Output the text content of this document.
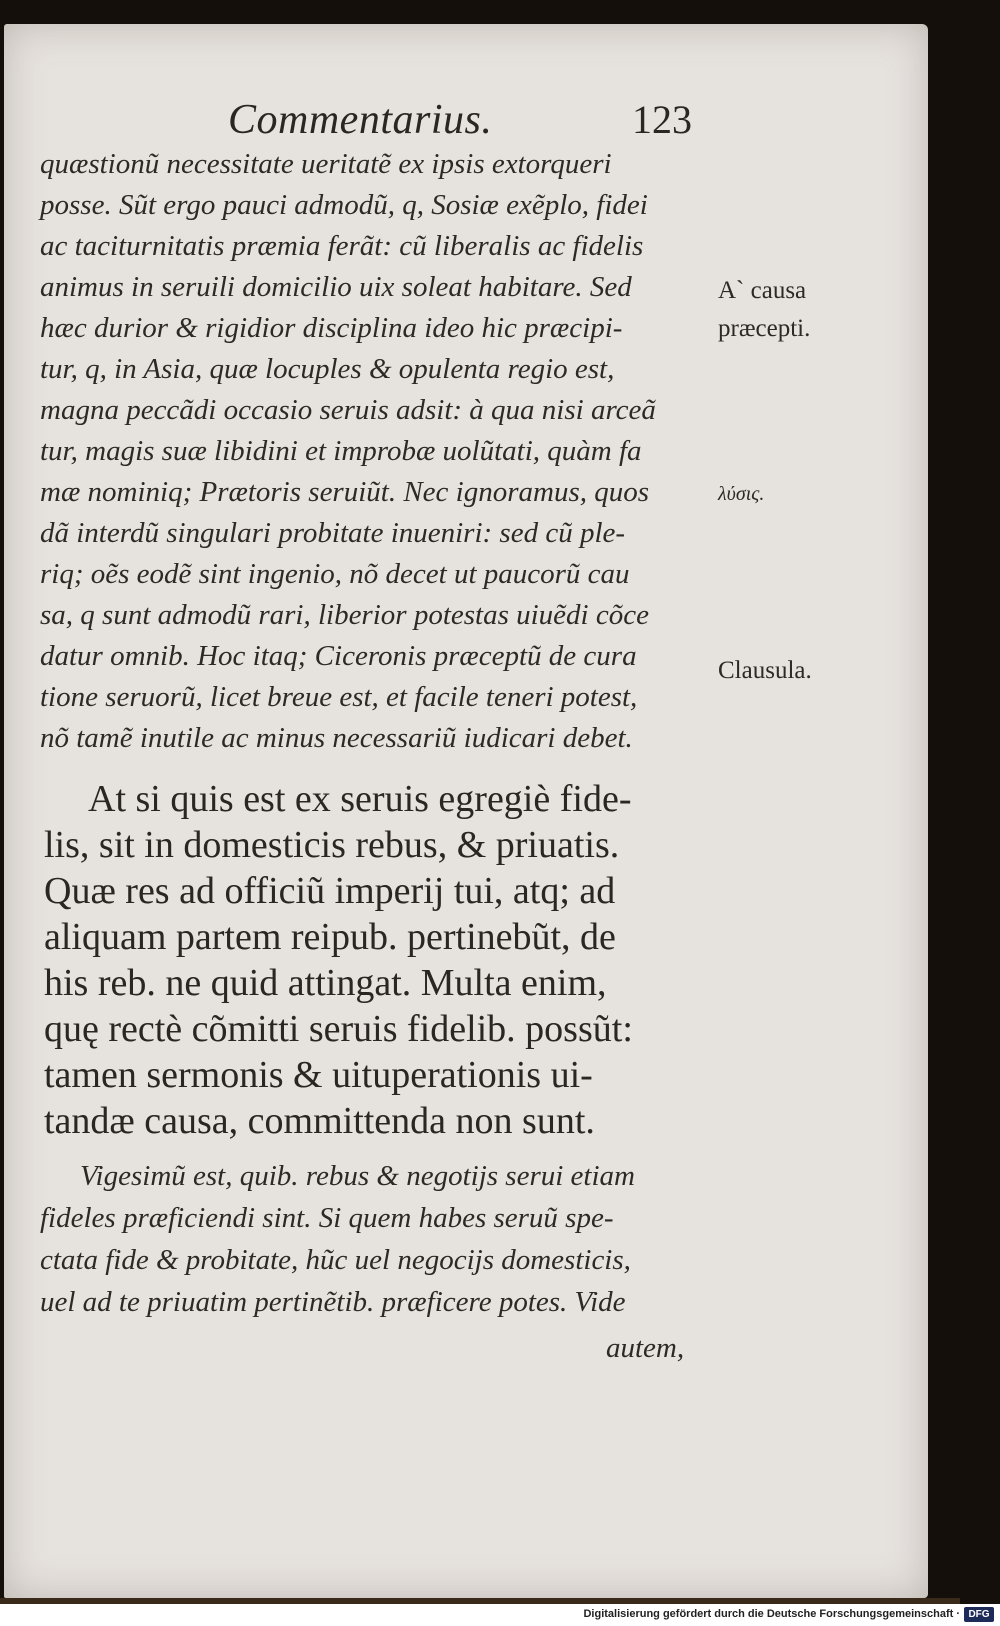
Commentarius.	123
quæstionũ necessitate ueritatẽ ex ipsis extorqueri
posse. Sũt ergo pauci admodũ, q, Sosiæ exẽplo, fidei
ac taciturnitatis præmia ferãt: cũ liberalis ac fidelis
animus in seruili domicilio uix soleat habitare. Sed
hæc durior & rigidior disciplina ideo hic præcipi-
tur, q, in Asia, quæ locuples & opulenta regio est,
magna peccãdi occasio seruis adsit: à qua nisi arceã
tur, magis suæ libidini et improbæ uolũtati, quàm fa
mæ nominiq; Prætoris seruiũt. Nec ignoramus, quos
dã interdũ singulari probitate inueniri: sed cũ ple-
riq; oẽs eodẽ sint ingenio, nõ decet ut paucorũ cau
sa, q sunt admodũ rari, liberior potestas uiuẽdi cõce
datur omnib. Hoc itaq; Ciceronis præceptũ de cura
tione seruorũ, licet breue est, et facile teneri potest,
nõ tamẽ inutile ac minus necessariũ iudicari debet.
At si quis est ex seruis egregiè fide-
lis, sit in domesticis rebus, & priuatis.
Quæ res ad officiũ imperij tui, atq; ad
aliquam partem reipub. pertinebũt, de
his reb. ne quid attingat. Multa enim,
quę rectè cõmitti seruis fidelib. possũt:
tamen sermonis & uituperationis ui-
tandæ causa, committenda non sunt.
Vigesimũ est, quib. rebus & negotijs serui etiam
fideles præficiendi sint. Si quem habes seruũ spe-
ctata fide & probitate, hũc uel negocijs domesticis,
uel ad te priuatim pertinẽtib. præficere potes. Vide
autem,
A` causa
præcepti.
λύσις.
Clausula.
Digitalisierung gefördert durch die Deutsche Forschungsgemeinschaft · DFG
